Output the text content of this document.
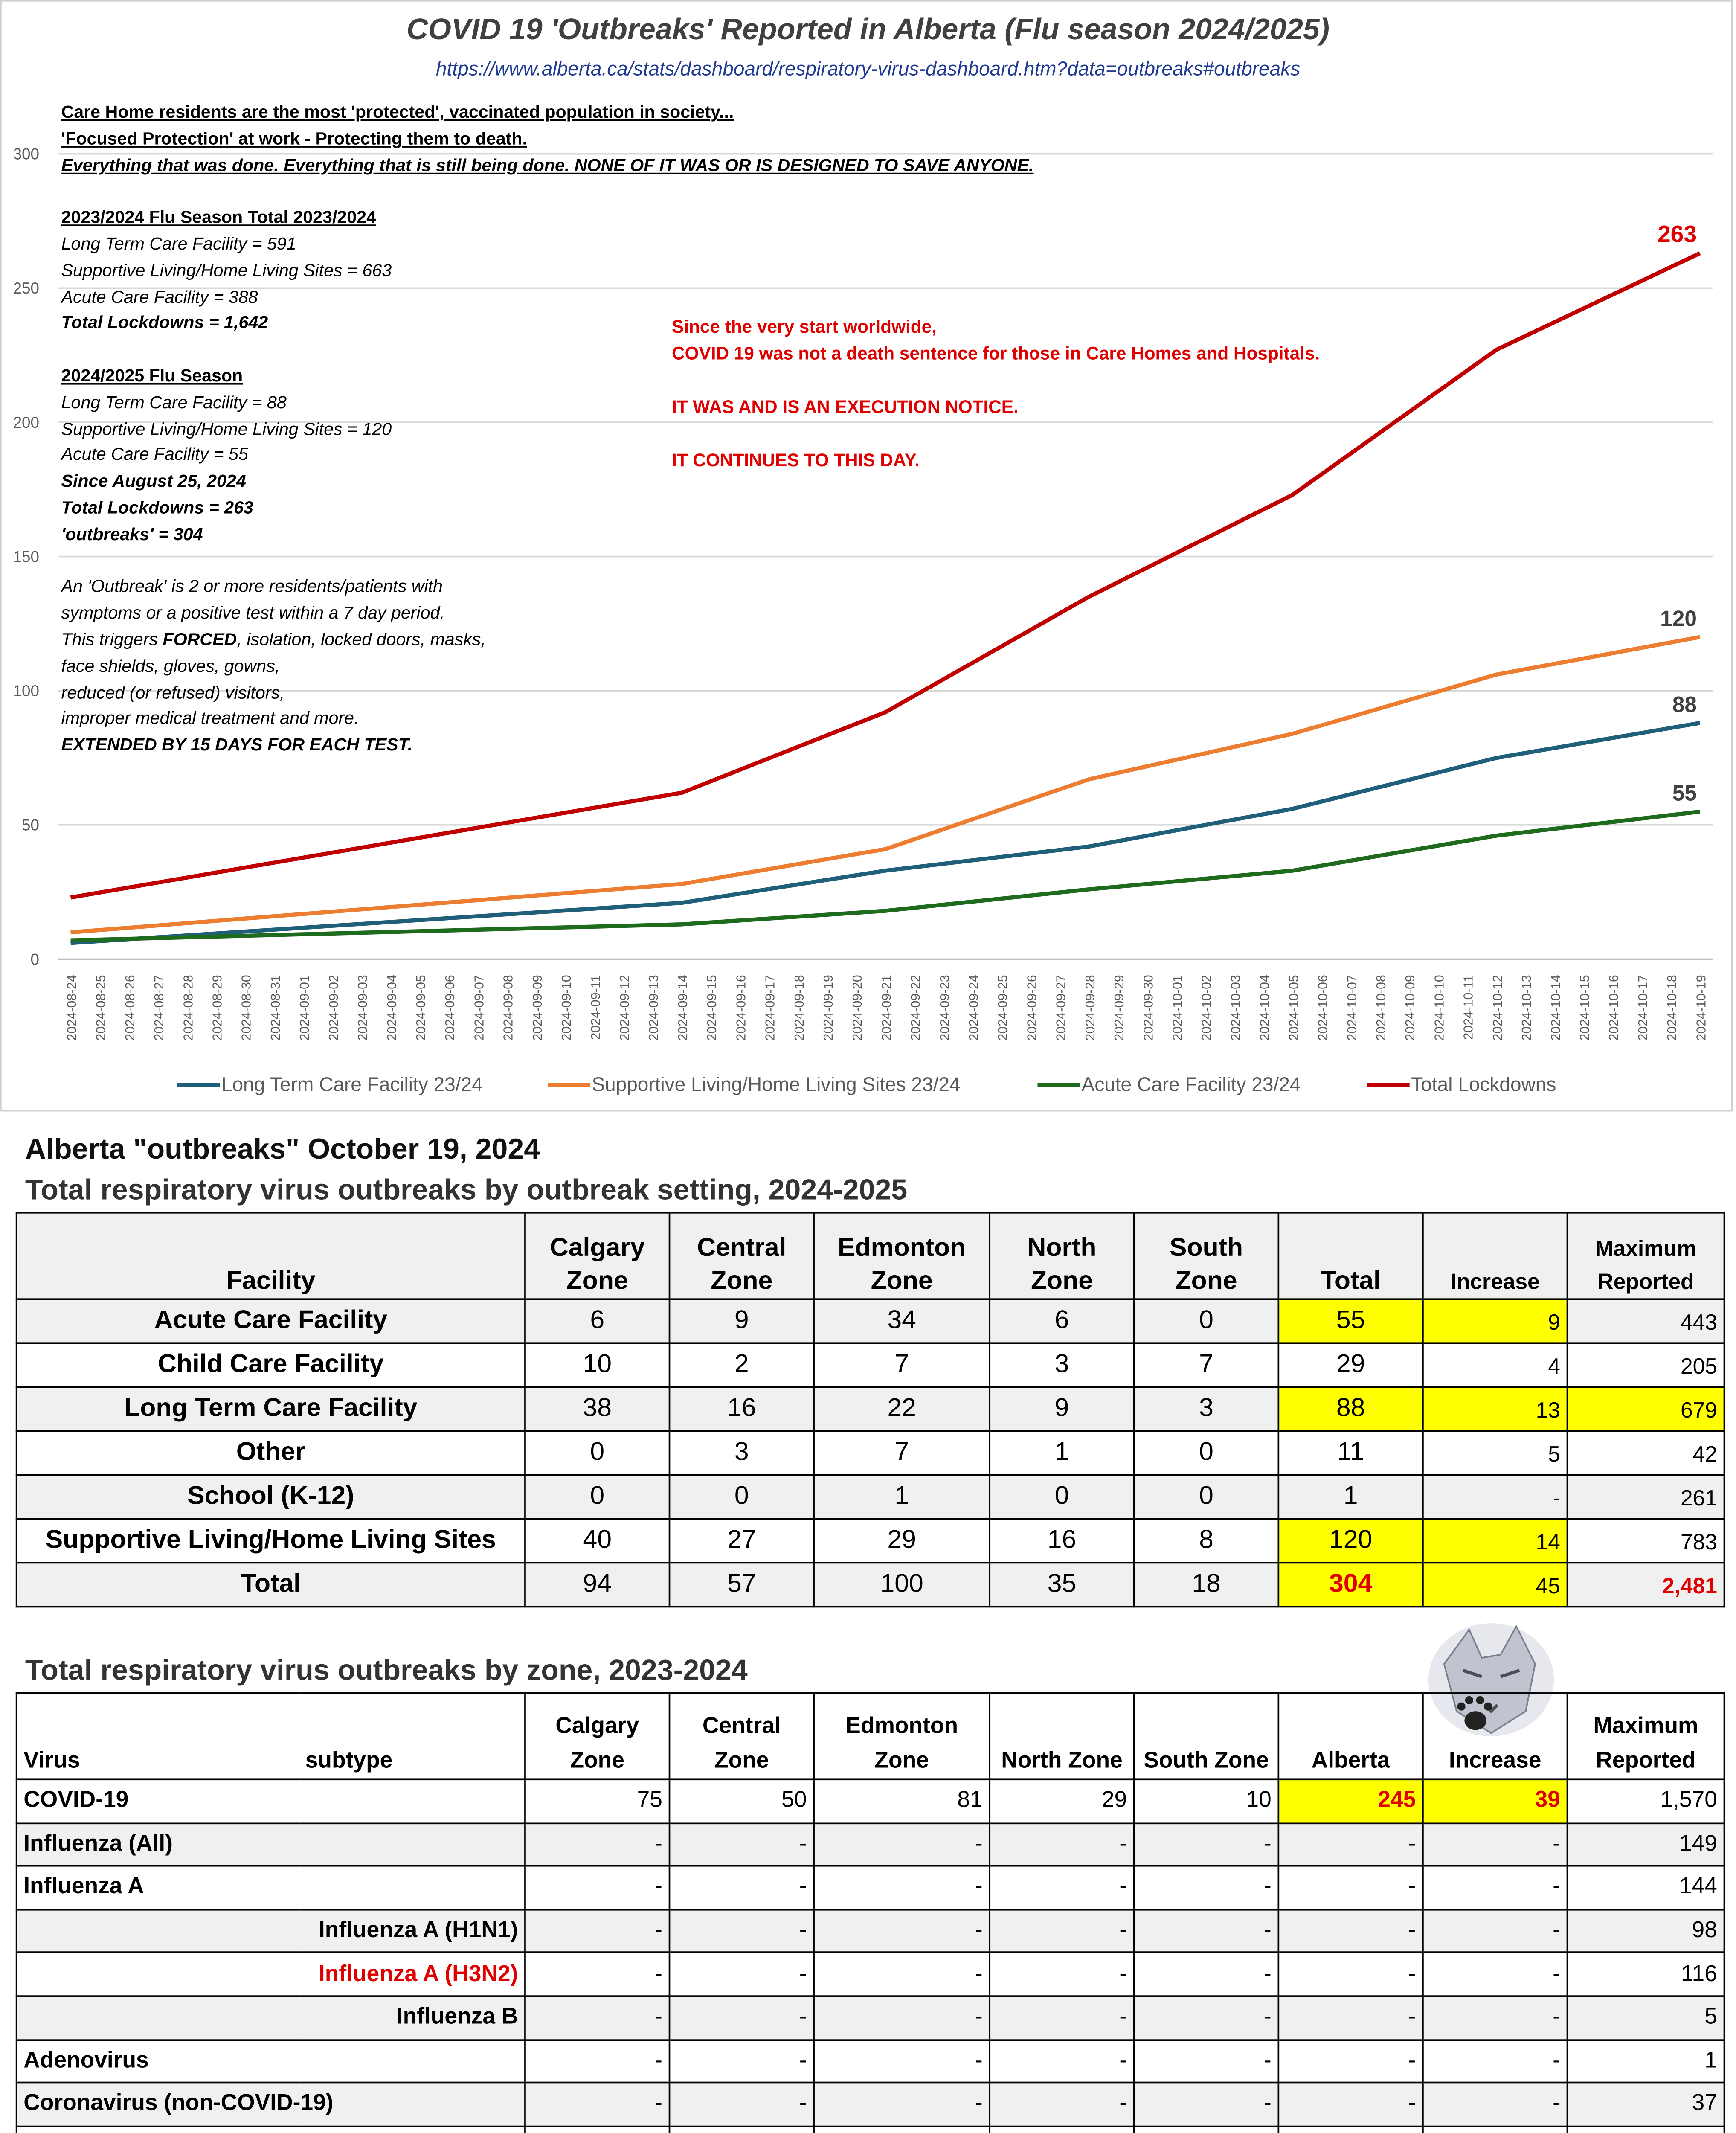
0
50
100
150
200
250
300
2024-08-24	2024-08-25	2024-08-26	2024-08-27	2024-08-28	2024-08-29	2024-08-30	2024-08-31	2024-09-01	2024-09-02	2024-09-03	2024-09-04	2024-09-05	2024-09-06	2024-09-07	2024-09-08	2024-09-09	2024-09-10	2024-09-11	2024-09-12	2024-09-13	2024-09-14	2024-09-15	2024-09-16	2024-09-17	2024-09-18	2024-09-19	2024-09-20	2024-09-21	2024-09-22	2024-09-23	2024-09-24	2024-09-25	2024-09-26	2024-09-27	2024-09-28	2024-09-29	2024-09-30	2024-10-01	2024-10-02	2024-10-03	2024-10-04	2024-10-05	2024-10-06	2024-10-07	2024-10-08	2024-10-09	2024-10-10	2024-10-11	2024-10-12	2024-10-13	2024-10-14	2024-10-15	2024-10-16	2024-10-17	2024-10-18	2024-10-19
88
120
55
263
Long Term Care Facility 23/24	Supportive Living/Home Living Sites 23/24	Acute Care Facility 23/24	Total Lockdowns
COVID 19 'Outbreaks' Reported in Alberta (Flu season 2024/2025)
https://www.alberta.ca/stats/dashboard/respiratory-virus-dashboard.htm?data=outbreaks#outbreaks
Care Home residents are the most 'protected', vaccinated population in society...
'Focused Protection' at work - Protecting them to death.
Everything that was done. Everything that is still being done. NONE OF IT WAS OR IS DESIGNED TO SAVE ANYONE.
2023/2024 Flu Season Total 2023/2024
Long Term Care Facility = 591
Supportive Living/Home Living Sites = 663
Acute Care Facility = 388
Total Lockdowns = 1,642
2024/2025 Flu Season
Long Term Care Facility = 88
Supportive Living/Home Living Sites = 120
Acute Care Facility = 55
Since August 25, 2024
Total Lockdowns = 263
'outbreaks' = 304
An 'Outbreak' is 2 or more residents/patients with
symptoms or a positive test within a 7 day period.
This triggers FORCED, isolation, locked doors, masks,
face shields, gloves, gowns,
reduced (or refused) visitors,
improper medical treatment and more.
EXTENDED BY 15 DAYS FOR EACH TEST.
Since the very start worldwide,
COVID 19 was not a death sentence for those in Care Homes and Hospitals.
IT WAS AND IS AN EXECUTION NOTICE.
IT CONTINUES TO THIS DAY.
Alberta "outbreaks" October 19, 2024
Total respiratory virus outbreaks by outbreak setting, 2024-2025
Facility	Calgary
Zone	Central
Zone	Edmonton
Zone	North
Zone	South
Zone	Total	Increase	Maximum
Reported
Acute Care Facility	6	9	34	6	0	55	9	443
Child Care Facility	10	2	7	3	7	29	4	205
Long Term Care Facility	38	16	22	9	3	88	13	679
Other	0	3	7	1	0	11	5	42
School (K-12)	0	0	1	0	0	1	-	261
Supportive Living/Home Living Sites	40	27	29	16	8	120	14	783
Total	94	57	100	35	18	304	45	2,481
Total respiratory virus outbreaks by zone, 2023-2024
Virus	subtype	Calgary
Zone	Central
Zone	Edmonton
Zone	North Zone	South Zone	Alberta	Increase	Maximum
Reported
COVID-19		75	50	81	29	10	245	39	1,570
Influenza (All)		-	-	-	-	-	-	-	149
Influenza A		-	-	-	-	-	-	-	144
Influenza A (H1N1)		-	-	-	-	-	-	-	98
Influenza A (H3N2)		-	-	-	-	-	-	-	116
Influenza B		-	-	-	-	-	-	-	5
Adenovirus		-	-	-	-	-	-	-	1
Coronavirus (non-COVID-19)		-	-	-	-	-	-	-	37
